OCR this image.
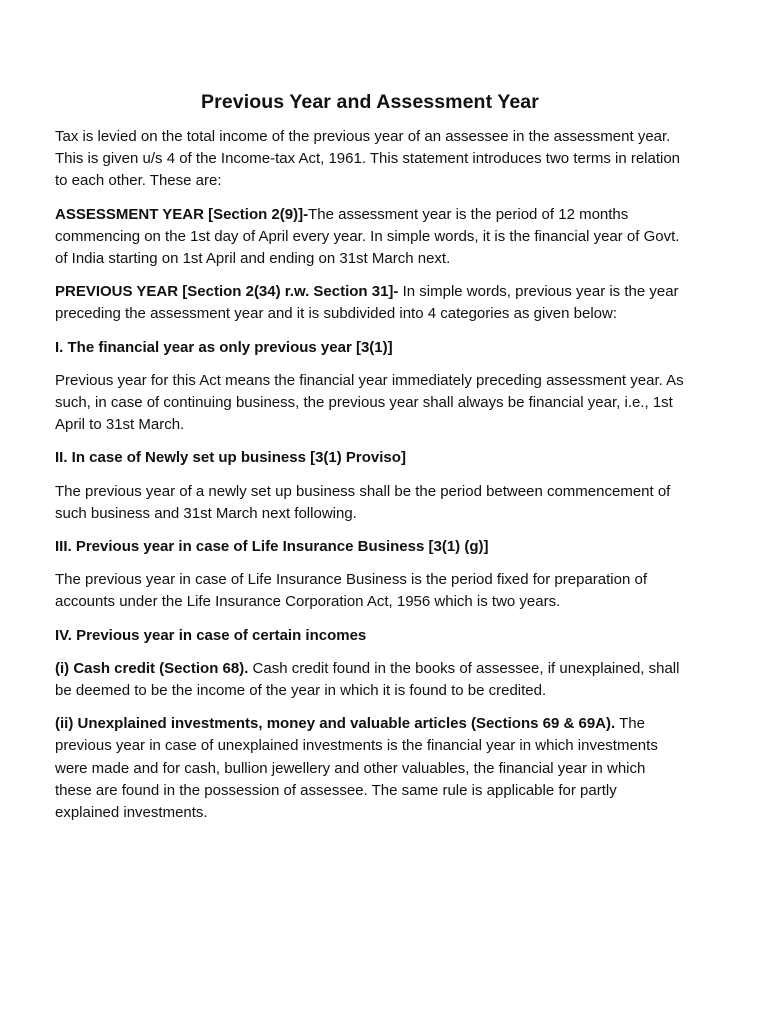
Previous Year and Assessment Year

Tax is levied on the total income of the previous year of an assessee in the assessment year. This is given u/s 4 of the Income-tax Act, 1961. This statement introduces two terms in relation to each other. These are:

ASSESSMENT YEAR [Section 2(9)]-The assessment year is the period of 12 months commencing on the 1st day of April every year. In simple words, it is the financial year of Govt. of India starting on 1st April and ending on 31st March next.

PREVIOUS YEAR [Section 2(34) r.w. Section 31]- In simple words, previous year is the year preceding the assessment year and it is subdivided into 4 categories as given below:

I. The financial year as only previous year [3(1)]

Previous year for this Act means the financial year immediately preceding assessment year. As such, in case of continuing business, the previous year shall always be financial year, i.e., 1st April to 31st March.

II. In case of Newly set up business [3(1) Proviso]

The previous year of a newly set up business shall be the period between commencement of such business and 31st March next following.

III. Previous year in case of Life Insurance Business [3(1) (g)]

The previous year in case of Life Insurance Business is the period fixed for preparation of accounts under the Life Insurance Corporation Act, 1956 which is two years.

IV. Previous year in case of certain incomes

(i) Cash credit (Section 68). Cash credit found in the books of assessee, if unexplained, shall be deemed to be the income of the year in which it is found to be credited.

(ii) Unexplained investments, money and valuable articles (Sections 69 & 69A). The previous year in case of unexplained investments is the financial year in which investments were made and for cash, bullion jewellery and other valuables, the financial year in which these are found in the possession of assessee. The same rule is applicable for partly explained investments.
